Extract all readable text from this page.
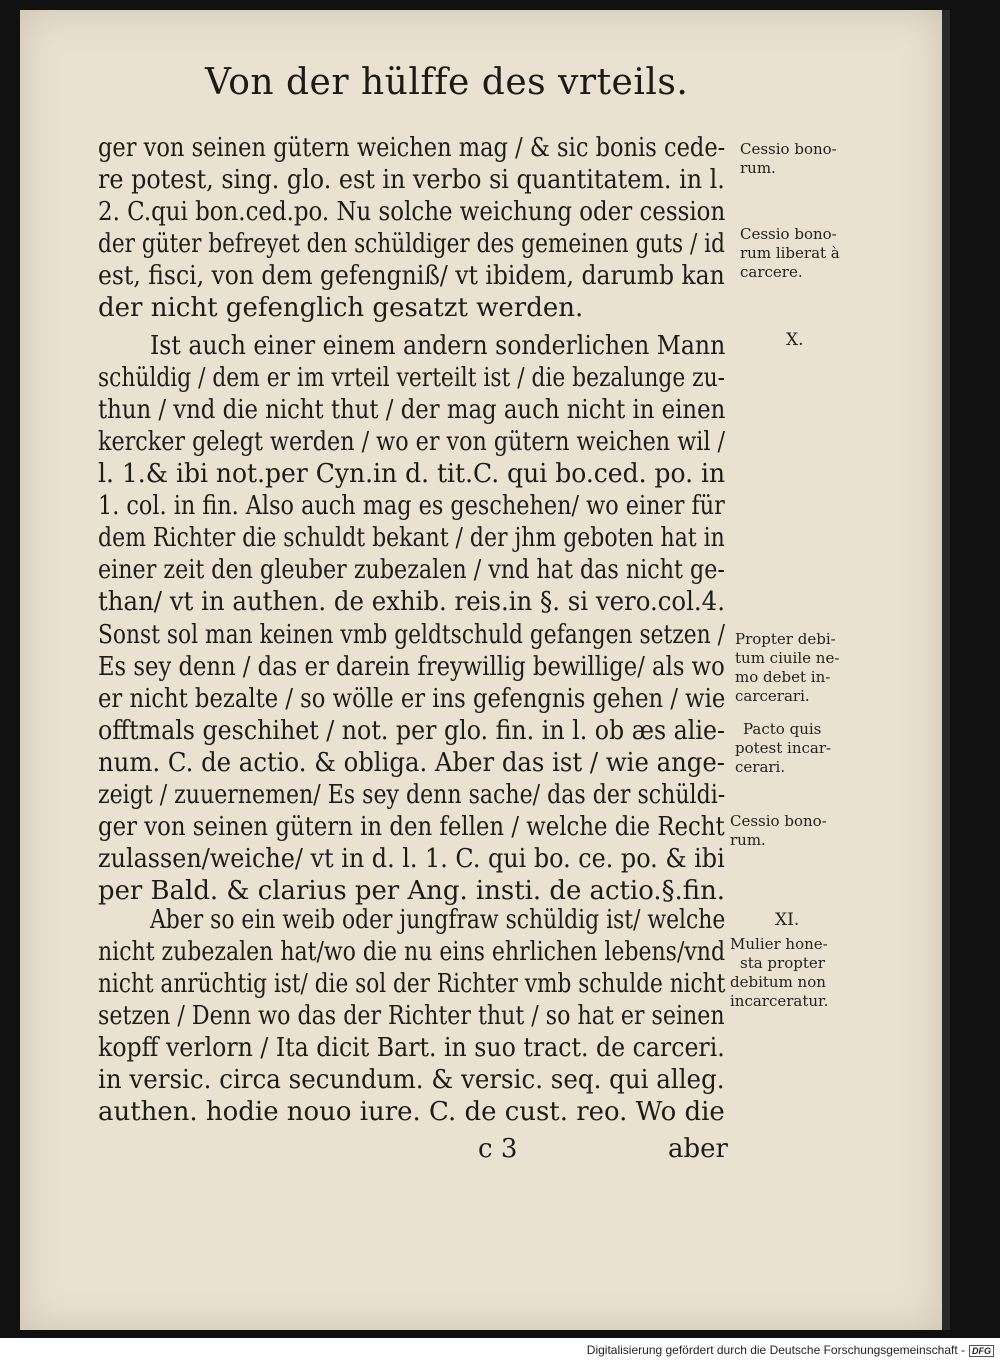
Von der hülffe des vrteils.
ger von seinen gütern weichen mag / & sic bonis cede-
re potest, sing. glo. est in verbo si quantitatem. in l.
2. C.qui bon.ced.po. Nu solche weichung oder cession
der güter befreyet den schüldiger des gemeinen guts / id
est, fisci, von dem gefengniß/ vt ibidem, darumb kan
der nicht gefenglich gesatzt werden.
Ist auch einer einem andern sonderlichen Mann
schüldig / dem er im vrteil verteilt ist / die bezalunge zu-
thun / vnd die nicht thut / der mag auch nicht in einen
kercker gelegt werden / wo er von gütern weichen wil /
l. 1.& ibi not.per Cyn.in d. tit.C. qui bo.ced. po. in
1. col. in fin. Also auch mag es geschehen/ wo einer für
dem Richter die schuldt bekant / der jhm geboten hat in
einer zeit den gleuber zubezalen / vnd hat das nicht ge-
than/ vt in authen. de exhib. reis.in §. si vero.col.4.
Sonst sol man keinen vmb geldtschuld gefangen setzen /
Es sey denn / das er darein freywillig bewillige/ als wo
er nicht bezalte / so wölle er ins gefengnis gehen / wie
offtmals geschihet / not. per glo. fin. in l. ob æs alie-
num. C. de actio. & obliga. Aber das ist / wie ange-
zeigt / zuuernemen/ Es sey denn sache/ das der schüldi-
ger von seinen gütern in den fellen / welche die Recht
zulassen/weiche/ vt in d. l. 1. C. qui bo. ce. po. & ibi
per Bald. & clarius per Ang. insti. de actio.§.fin.
Aber so ein weib oder jungfraw schüldig ist/ welche
nicht zubezalen hat/wo die nu eins ehrlichen lebens/vnd
nicht anrüchtig ist/ die sol der Richter vmb schulde nicht
setzen / Denn wo das der Richter thut / so hat er seinen
kopff verlorn / Ita dicit Bart. in suo tract. de carceri.
in versic. circa secundum. & versic. seq. qui alleg.
authen. hodie nouo iure. C. de cust. reo. Wo die
Cessio bono-
rum.
Cessio bono-
rum liberat à
carcere.
X.
Propter debi-
tum ciuile ne-
mo debet in-
carcerari.
Pacto quis
potest incar-
cerari.
Cessio bono-
rum.
XI.
Mulier hone-
sta propter
debitum non
incarceratur.
c 3	aber
Digitalisierung gefördert durch die Deutsche Forschungsgemeinschaft - DFG
